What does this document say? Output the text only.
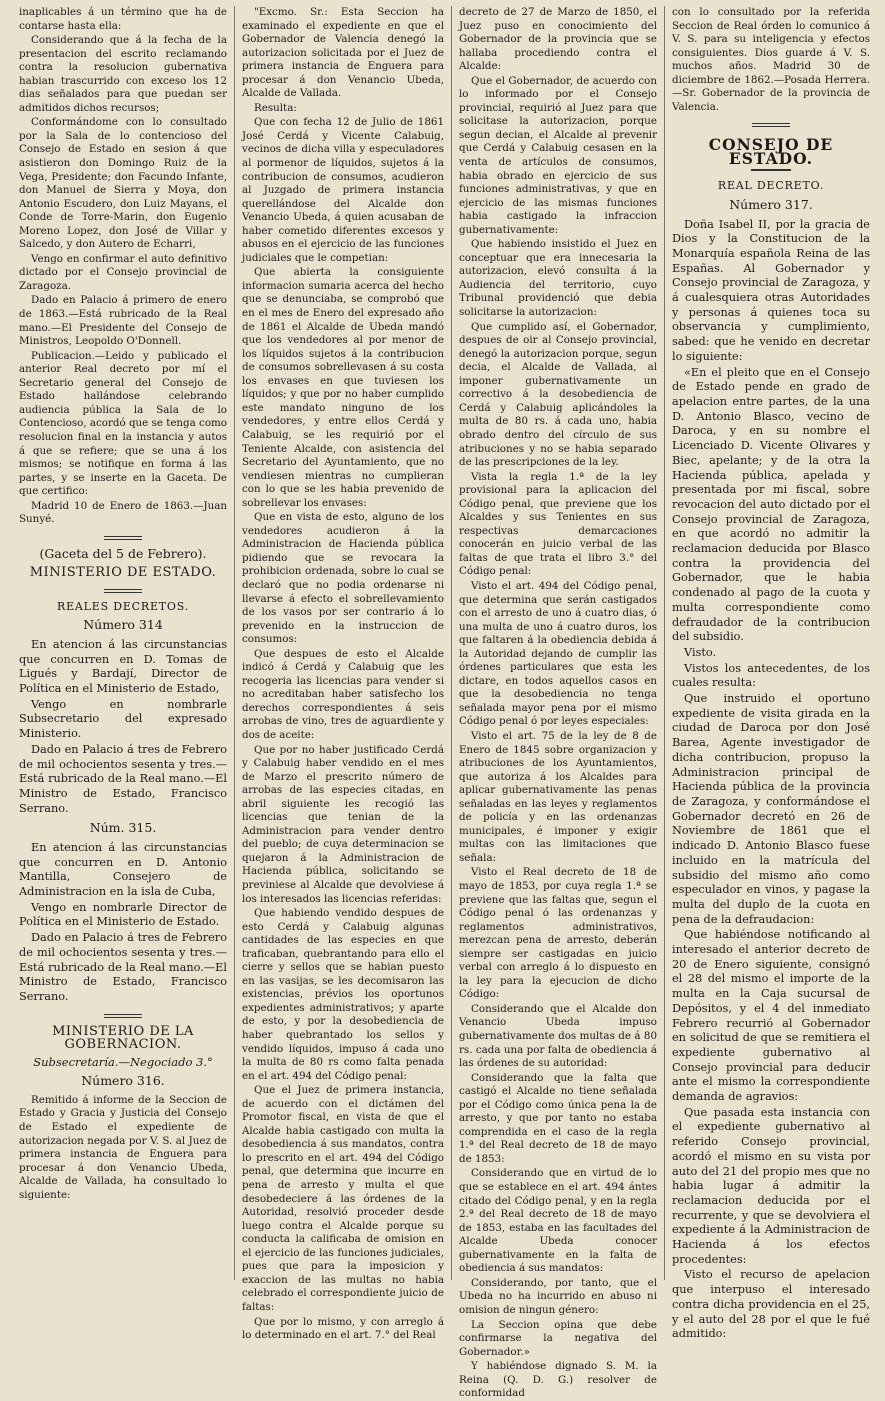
inaplicables á un término que ha de contarse hasta ella:

Considerando que á la fecha de la presentacion del escrito reclamando contra la resolucion gubernativa habian trascurrido con exceso los 12 dias señalados para que puedan ser admitidos dichos recursos;

Conformándome con lo consultado por la Sala de lo contencioso del Consejo de Estado en sesion á que asistieron don Domingo Ruiz de la Vega, Presidente; don Facundo Infante, don Manuel de Sierra y Moya, don Antonio Escudero, don Luiz Mayans, el Conde de Torre-Marin, don Eugenio Moreno Lopez, don José de Villar y Salcedo, y don Autero de Echarri,

Vengo en confirmar el auto definitivo dictado por el Consejo provincial de Zaragoza.

Dado en Palacio á primero de enero de 1863.—Está rubricado de la Real mano.—El Presidente del Consejo de Ministros, Leopoldo O'Donnell.

Publicacion.—Leido y publicado el anterior Real decreto por mí el Secretario general del Consejo de Estado hallándose celebrando audiencia pública la Sala de lo Contencioso, acordó que se tenga como resolucion final en la instancia y autos á que se refiere; que se una á los mismos; se notifique en forma á las partes, y se inserte en la Gaceta. De que certifico:

Madrid 10 de Enero de 1863.—Juan Sunyé.

(Gaceta del 5 de Febrero).
MINISTERIO DE ESTADO.
REALES DECRETOS.
Número 314

En atencion á las circunstancias que concurren en D. Tomas de Ligués y Bardají, Director de Política en el Ministerio de Estado,

Vengo en nombrarle Subsecretario del expresado Ministerio.

Dado en Palacio á tres de Febrero de mil ochocientos sesenta y tres.—Está rubricado de la Real mano.—El Ministro de Estado, Francisco Serrano.

Núm. 315.

En atencion á las circunstancias que concurren en D. Antonio Mantilla, Consejero de Administracion en la isla de Cuba,

Vengo en nombrarle Director de Política en el Ministerio de Estado.

Dado en Palacio á tres de Febrero de mil ochocientos sesenta y tres.—Está rubricado de la Real mano.—El Ministro de Estado, Francisco Serrano.

MINISTERIO DE LA GOBERNACION.
Subsecretaría.—Negociado 3.°
Número 316.

Remitido á informe de la Seccion de Estado y Gracia y Justicia del Consejo de Estado el expediente de autorizacion negada por V. S. al Juez de primera instancia de Enguera para procesar á don Venancio Ubeda, Alcalde de Vallada, ha consultado lo siguiente:

"Excmo. Sr.: Esta Seccion ha examinado el expediente en que el Gobernador de Valencia denegó la autorizacion solicitada por el Juez de primera instancia de Enguera para procesar á don Venancio Ubeda, Alcalde de Vallada.

Resulta:

Que con fecha 12 de Julio de 1861 José Cerdá y Vicente Calabuig, vecinos de dicha villa y especuladores al pormenor de líquidos, sujetos á la contribucion de consumos, acudieron al Juzgado de primera instancia querellándose del Alcalde don Venancio Ubeda, á quien acusaban de haber cometido diferentes excesos y abusos en el ejercicio de las funciones judiciales que le competian:

Que abierta la consiguiente informacion sumaria acerca del hecho que se denunciaba, se comprobó que en el mes de Enero del expresado año de 1861 el Alcalde de Ubeda mandó que los vendedores al por menor de los líquidos sujetos á la contribucion de consumos sobrellevasen á su costa los envases en que tuviesen los líquidos; y que por no haber cumplido este mandato ninguno de los vendedores, y entre ellos Cerdá y Calabuig, se les requirió por el Teniente Alcalde, con asistencia del Secretario del Ayuntamiento, que no vendiesen mientras no cumplieran con lo que se les habia prevenido de sobrellevar los envases:

Que en vista de esto, alguno de los vendedores acudieron á la Administracion de Hacienda pública pidiendo que se revocara la prohibicion ordenada, sobre lo cual se declaró que no podia ordenarse ni llevarse á efecto el sobrellevamiento de los vasos por ser contrario á lo prevenido en la instruccion de consumos:

Que despues de esto el Alcalde indicó á Cerdá y Calabuig que les recogeria las licencias para vender si no acreditaban haber satisfecho los derechos correspondientes á seis arrobas de vino, tres de aguardiente y dos de aceite:

Que por no haber justificado Cerdá y Calabuig haber vendido en el mes de Marzo el prescrito número de arrobas de las especies citadas, en abril siguiente les recogió las licencias que tenian de la Administracion para vender dentro del pueblo; de cuya determinacion se quejaron á la Administracion de Hacienda pública, solicitando se previniese al Alcalde que devolviese á los interesados las licencias referidas:

Que habiendo vendido despues de esto Cerdá y Calabuig algunas cantidades de las especies en que traficaban, quebrantando para ello el cierre y sellos que se habian puesto en las vasijas, se les decomisaron las existencias, prévios los oportunos expedientes administrativos; y aparte de esto, y por la desobediencia de haber quebrantado los sellos y vendido líquidos, impuso á cada uno la multa de 80 rs como falta penada en el art. 494 del Código penal:

Que el Juez de primera instancia, de acuerdo con el dictámen del Promotor fiscal, en vista de que el Alcalde habia castigado con multa la desobediencia á sus mandatos, contra lo prescrito en el art. 494 del Código penal, que determina que incurre en pena de arresto y multa el que desobedeciere á las órdenes de la Autoridad, resolvió proceder desde luego contra el Alcalde porque su conducta la calificaba de omision en el ejercicio de las funciones judiciales, pues que para la imposicion y exaccion de las multas no habia celebrado el correspondiente juicio de faltas:

Que por lo mismo, y con arreglo á lo determinado en el art. 7.° del Real

decreto de 27 de Marzo de 1850, el Juez puso en conocimiento del Gobernador de la provincia que se hallaba procediendo contra el Alcalde:

Que el Gobernador, de acuerdo con lo informado por el Consejo provincial, requirió al Juez para que solicitase la autorizacion, porque segun decian, el Alcalde al prevenir que Cerdá y Calabuig cesasen en la venta de artículos de consumos, habia obrado en ejercicio de sus funciones administrativas, y que en ejercicio de las mismas funciones habia castigado la infraccion gubernativamente:

Que habiendo insistido el Juez en conceptuar que era innecesaria la autorizacion, elevó consulta á la Audiencia del territorio, cuyo Tribunal providenció que debia solicitarse la autorizacion:

Que cumplido así, el Gobernador, despues de oir al Consejo provincial, denegó la autorizacion porque, segun decia, el Alcalde de Vallada, al imponer gubernativamente un correctivo á la desobediencia de Cerdá y Calabuig aplicándoles la multa de 80 rs. á cada uno, habia obrado dentro del círculo de sus atribuciones y no se habia separado de las prescripciones de la ley.

Vista la regla 1.ª de la ley provisional para la aplicacion del Código penal, que previene que los Alcaldes y sus Tenientes en sus respectivas demarcaciones conocerán en juicio verbal de las faltas de que trata el libro 3.° del Código penal:

Visto el art. 494 del Código penal, que determina que serán castigados con el arresto de uno á cuatro dias, ó una multa de uno á cuatro duros, los que faltaren á la obediencia debida á la Autoridad dejando de cumplir las órdenes particulares que esta les dictare, en todos aquellos casos en que la desobediencia no tenga señalada mayor pena por el mismo Código penal ó por leyes especiales:

Visto el art. 75 de la ley de 8 de Enero de 1845 sobre organizacion y atribuciones de los Ayuntamientos, que autoriza á los Alcaldes para aplicar gubernativamente las penas señaladas en las leyes y reglamentos de policía y en las ordenanzas municipales, é imponer y exigir multas con las limitaciones que señala:

Visto el Real decreto de 18 de mayo de 1853, por cuya regla 1.ª se previene que las faltas que, segun el Código penal ó las ordenanzas y reglamentos administrativos, merezcan pena de arresto, deberán siempre ser castigadas en juicio verbal con arreglo á lo dispuesto en la ley para la ejecucion de dicho Código:

Considerando que el Alcalde don Venancio Ubeda impuso gubernativamente dos multas de á 80 rs. cada una por falta de obediencia á las órdenes de su autoridad:

Considerando que la falta que castigó el Alcalde no tiene señalada por el Código como única pena la de arresto, y que por tanto no estaba comprendida en el caso de la regla 1.ª del Real decreto de 18 de mayo de 1853:

Considerando que en virtud de lo que se establece en el art. 494 ántes citado del Código penal, y en la regla 2.ª del Real decreto de 18 de mayo de 1853, estaba en las facultades del Alcalde Ubeda conocer gubernativamente en la falta de obediencia á sus mandatos:

Considerando, por tanto, que el Ubeda no ha incurrido en abuso ni omision de ningun género:

La Seccion opina que debe confirmarse la negativa del Gobernador.»

Y habiéndose dignado S. M. la Reina (Q. D. G.) resolver de conformidad

con lo consultado por la referida Seccion de Real órden lo comunico á V. S. para su inteligencia y efectos consiguientes. Dios guarde á V. S. muchos años. Madrid 30 de diciembre de 1862.—Posada Herrera.—Sr. Gobernador de la provincia de Valencia.

CONSEJO DE ESTADO.
REAL DECRETO.
Número 317.

Doña Isabel II, por la gracia de Dios y la Constitucion de la Monarquía española Reina de las Españas. Al Gobernador y Consejo provincial de Zaragoza, y á cualesquiera otras Autoridades y personas á quienes toca su observancia y cumplimiento, sabed: que he venido en decretar lo siguiente:

«En el pleito que en el Consejo de Estado pende en grado de apelacion entre partes, de la una D. Antonio Blasco, vecino de Daroca, y en su nombre el Licenciado D. Vicente Olivares y Biec, apelante; y de la otra la Hacienda pública, apelada y presentada por mi fiscal, sobre revocacion del auto dictado por el Consejo provincial de Zaragoza, en que acordó no admitir la reclamacion deducida por Blasco contra la providencia del Gobernador, que le habia condenado al pago de la cuota y multa correspondiente como defraudador de la contribucion del subsidio.

Visto.

Vistos los antecedentes, de los cuales resulta:

Que instruido el oportuno expediente de visita girada en la ciudad de Daroca por don José Barea, Agente investigador de dicha contribucion, propuso la Administracion principal de Hacienda pública de la provincia de Zaragoza, y conformándose el Gobernador decretó en 26 de Noviembre de 1861 que el indicado D. Antonio Blasco fuese incluido en la matrícula del subsidio del mismo año como especulador en vinos, y pagase la multa del duplo de la cuota en pena de la defraudacion:

Que habiéndose notificando al interesado el anterior decreto de 20 de Enero siguiente, consignó el 28 del mismo el importe de la multa en la Caja sucursal de Depósitos, y el 4 del inmediato Febrero recurrió al Gobernador en solicitud de que se remitiera el expediente gubernativo al Consejo provincial para deducir ante el mismo la correspondiente demanda de agravios:

Que pasada esta instancia con el expediente gubernativo al referido Consejo provincial, acordó el mismo en su vista por auto del 21 del propio mes que no habia lugar á admitir la reclamacion deducida por el recurrente, y que se devolviera el expediente á la Administracion de Hacienda á los efectos procedentes:

Visto el recurso de apelacion que interpuso el interesado contra dicha providencia en el 25, y el auto del 28 por el que le fué admitido:
